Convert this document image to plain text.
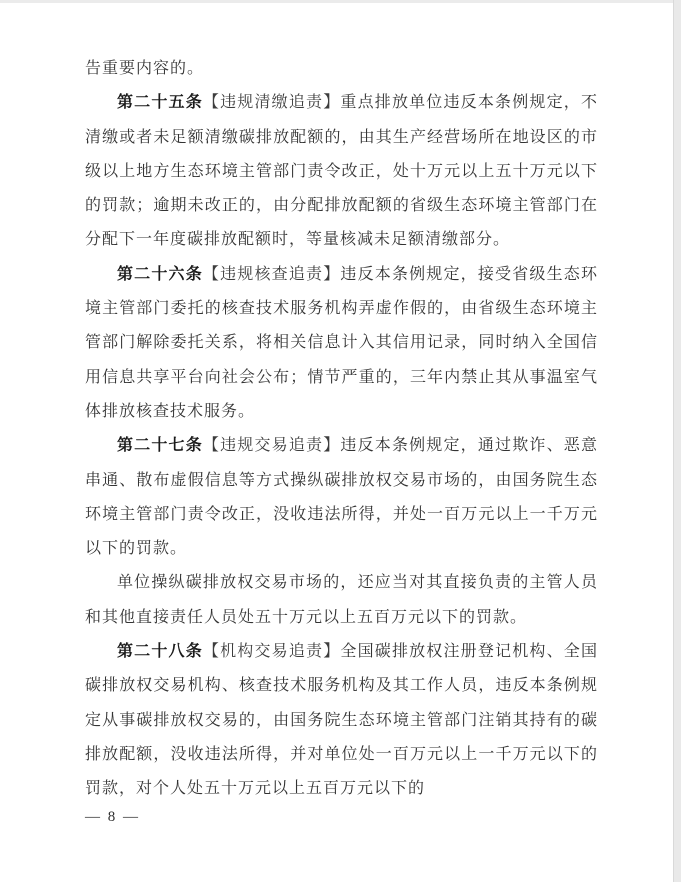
告重要内容的。

第二十五条【违规清缴追责】重点排放单位违反本条例规定，不清缴或者未足额清缴碳排放配额的，由其生产经营场所在地设区的市级以上地方生态环境主管部门责令改正，处十万元以上五十万元以下的罚款；逾期未改正的，由分配排放配额的省级生态环境主管部门在分配下一年度碳排放配额时，等量核减未足额清缴部分。

第二十六条【违规核查追责】违反本条例规定，接受省级生态环境主管部门委托的核查技术服务机构弄虚作假的，由省级生态环境主管部门解除委托关系，将相关信息计入其信用记录，同时纳入全国信用信息共享平台向社会公布；情节严重的，三年内禁止其从事温室气体排放核查技术服务。

第二十七条【违规交易追责】违反本条例规定，通过欺诈、恶意串通、散布虚假信息等方式操纵碳排放权交易市场的，由国务院生态环境主管部门责令改正，没收违法所得，并处一百万元以上一千万元以下的罚款。

单位操纵碳排放权交易市场的，还应当对其直接负责的主管人员和其他直接责任人员处五十万元以上五百万元以下的罚款。

第二十八条【机构交易追责】全国碳排放权注册登记机构、全国碳排放权交易机构、核查技术服务机构及其工作人员，违反本条例规定从事碳排放权交易的，由国务院生态环境主管部门注销其持有的碳排放配额，没收违法所得，并对单位处一百万元以上一千万元以下的罚款，对个人处五十万元以上五百万元以下的

— 8 —
